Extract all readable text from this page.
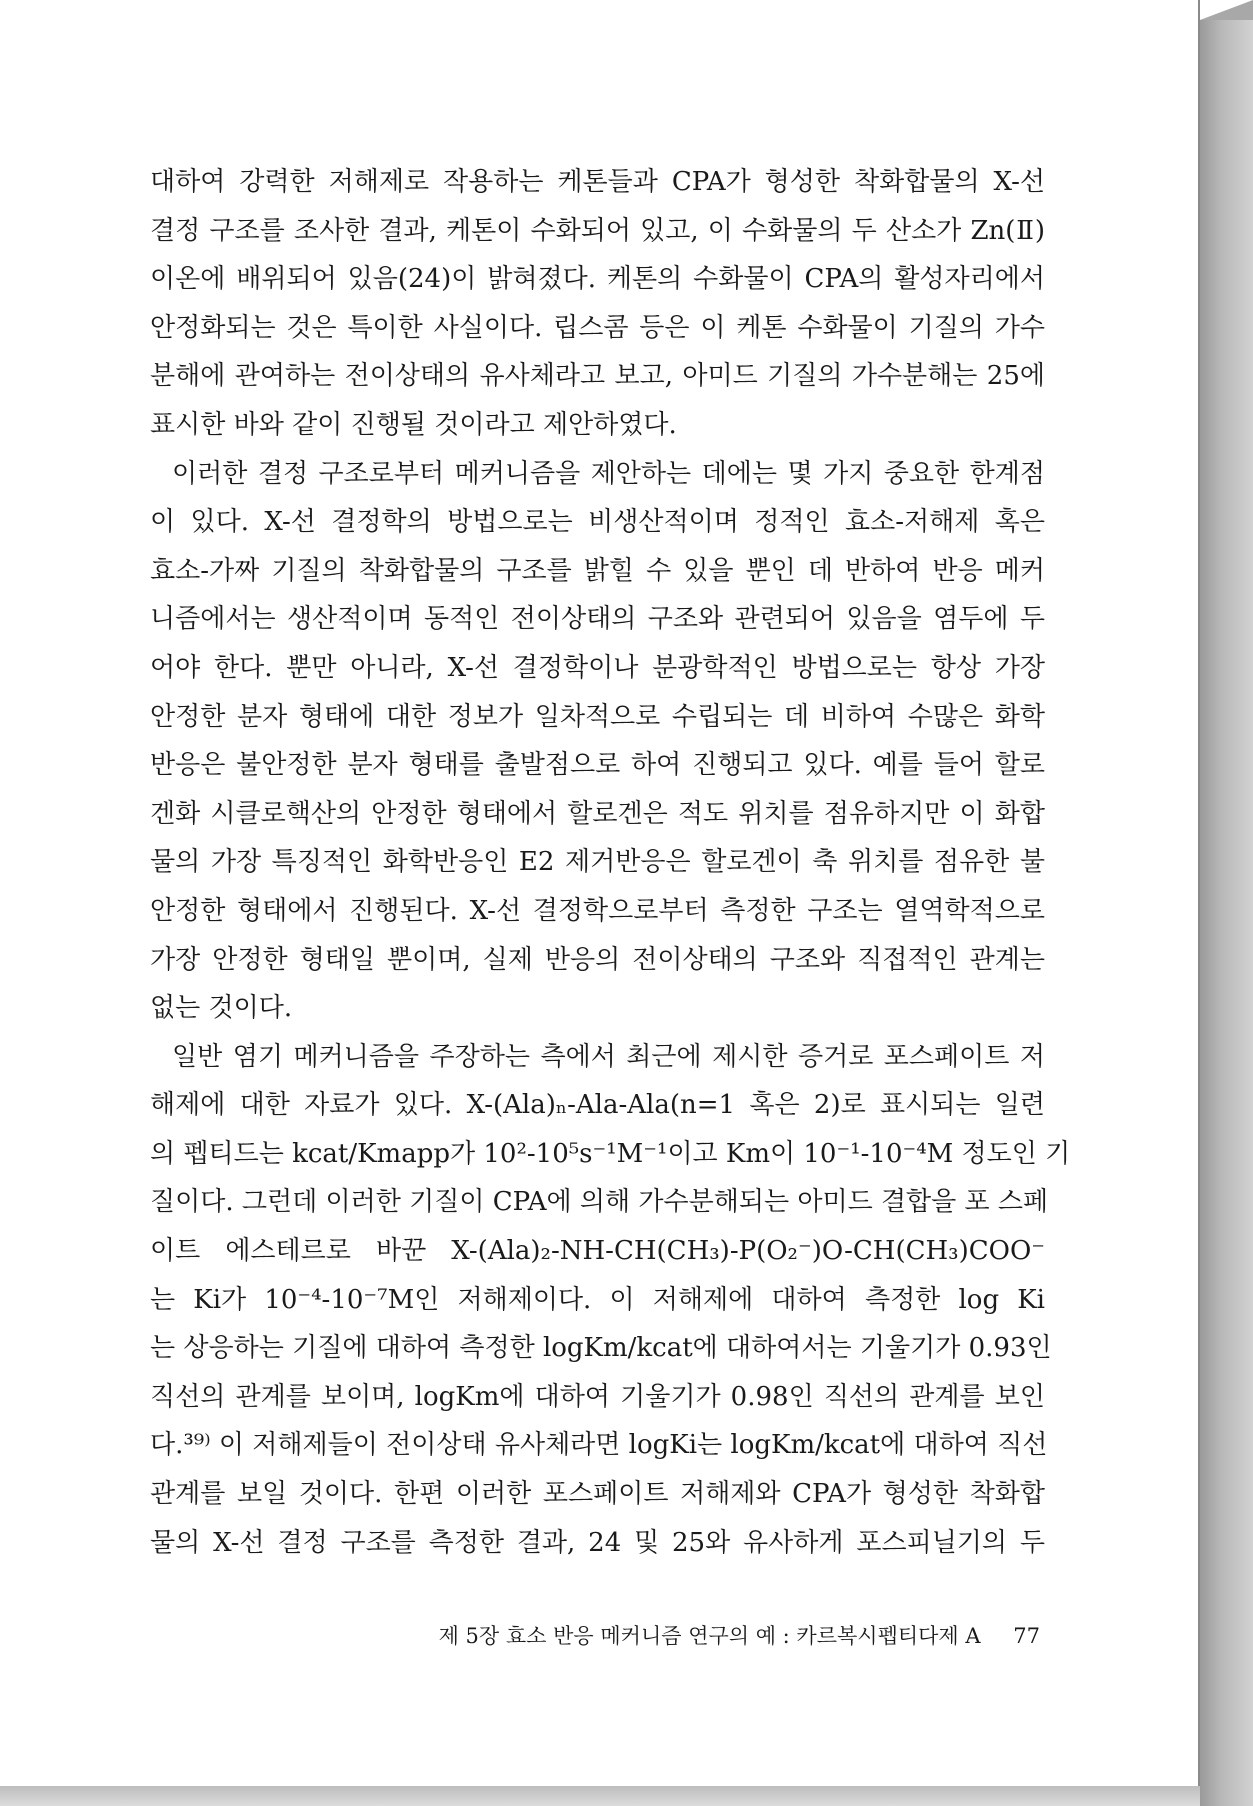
대하여 강력한 저해제로 작용하는 케톤들과 CPA가 형성한 착화합물의 X-선
결정 구조를 조사한 결과, 케톤이 수화되어 있고, 이 수화물의 두 산소가 Zn(Ⅱ)
이온에 배위되어 있음(24)이 밝혀졌다. 케톤의 수화물이 CPA의 활성자리에서
안정화되는 것은 특이한 사실이다. 립스콤 등은 이 케톤 수화물이 기질의 가수
분해에 관여하는 전이상태의 유사체라고 보고, 아미드 기질의 가수분해는 25에
표시한 바와 같이 진행될 것이라고 제안하였다.
이러한 결정 구조로부터 메커니즘을 제안하는 데에는 몇 가지 중요한 한계점
이 있다. X-선 결정학의 방법으로는 비생산적이며 정적인 효소-저해제 혹은
효소-가짜 기질의 착화합물의 구조를 밝힐 수 있을 뿐인 데 반하여 반응 메커
니즘에서는 생산적이며 동적인 전이상태의 구조와 관련되어 있음을 염두에 두
어야 한다. 뿐만 아니라, X-선 결정학이나 분광학적인 방법으로는 항상 가장
안정한 분자 형태에 대한 정보가 일차적으로 수립되는 데 비하여 수많은 화학
반응은 불안정한 분자 형태를 출발점으로 하여 진행되고 있다. 예를 들어 할로
겐화 시클로핵산의 안정한 형태에서 할로겐은 적도 위치를 점유하지만 이 화합
물의 가장 특징적인 화학반응인 E2 제거반응은 할로겐이 축 위치를 점유한 불
안정한 형태에서 진행된다. X-선 결정학으로부터 측정한 구조는 열역학적으로
가장 안정한 형태일 뿐이며, 실제 반응의 전이상태의 구조와 직접적인 관계는
없는 것이다.
일반 염기 메커니즘을 주장하는 측에서 최근에 제시한 증거로 포스페이트 저
해제에 대한 자료가 있다. X-(Ala)ₙ-Ala-Ala(n=1 혹은 2)로 표시되는 일련
의 펩티드는 kcat/Kmapp가 10²-10⁵s⁻¹M⁻¹이고 Km이 10⁻¹-10⁻⁴M 정도인 기
질이다. 그런데 이러한 기질이 CPA에 의해 가수분해되는 아미드 결합을 포 스페
이트 에스테르로 바꾼 X-(Ala)₂-NH-CH(CH₃)-P(O₂⁻)O-CH(CH₃)COO⁻
는 Ki가 10⁻⁴-10⁻⁷M인 저해제이다. 이 저해제에 대하여 측정한 log Ki
는 상응하는 기질에 대하여 측정한 logKm/kcat에 대하여서는 기울기가 0.93인
직선의 관계를 보이며, logKm에 대하여 기울기가 0.98인 직선의 관계를 보인
다.³⁹⁾ 이 저해제들이 전이상태 유사체라면 logKi는 logKm/kcat에 대하여 직선
관계를 보일 것이다. 한편 이러한 포스페이트 저해제와 CPA가 형성한 착화합
물의 X-선 결정 구조를 측정한 결과, 24 및 25와 유사하게 포스피닐기의 두
제 5장 효소 반응 메커니즘 연구의 예 : 카르복시펩티다제 A 77
